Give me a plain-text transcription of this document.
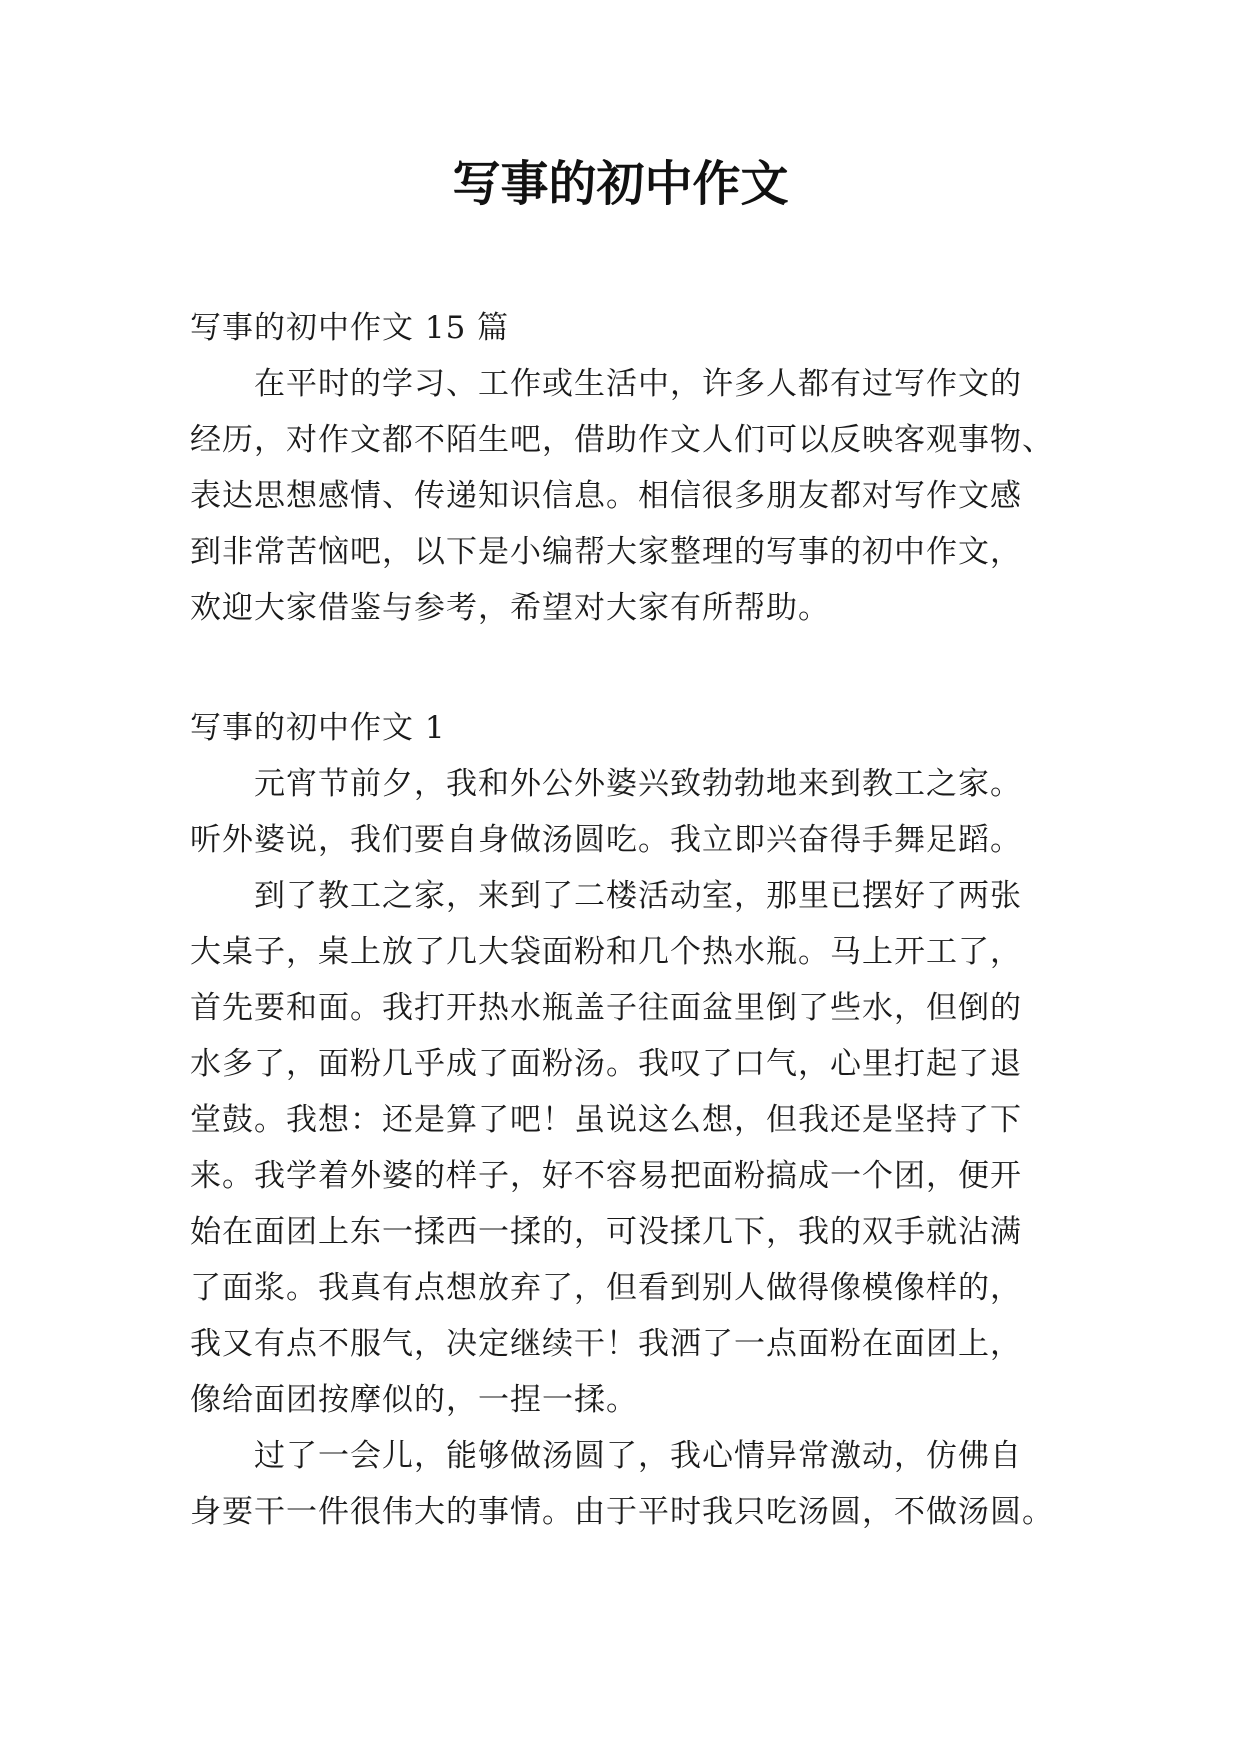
写事的初中作文

写事的初中作文 15 篇

在平时的学习、工作或生活中，许多人都有过写作文的

经历，对作文都不陌生吧，借助作文人们可以反映客观事物、

表达思想感情、传递知识信息。相信很多朋友都对写作文感

到非常苦恼吧，以下是小编帮大家整理的写事的初中作文，

欢迎大家借鉴与参考，希望对大家有所帮助。

写事的初中作文 1

元宵节前夕，我和外公外婆兴致勃勃地来到教工之家。

听外婆说，我们要自身做汤圆吃。我立即兴奋得手舞足蹈。

到了教工之家，来到了二楼活动室，那里已摆好了两张

大桌子，桌上放了几大袋面粉和几个热水瓶。马上开工了，

首先要和面。我打开热水瓶盖子往面盆里倒了些水，但倒的

水多了，面粉几乎成了面粉汤。我叹了口气，心里打起了退

堂鼓。我想：还是算了吧！虽说这么想，但我还是坚持了下

来。我学着外婆的样子，好不容易把面粉搞成一个团，便开

始在面团上东一揉西一揉的，可没揉几下，我的双手就沾满

了面浆。我真有点想放弃了，但看到别人做得像模像样的，

我又有点不服气，决定继续干！我洒了一点面粉在面团上，

像给面团按摩似的，一捏一揉。

过了一会儿，能够做汤圆了，我心情异常激动，仿佛自

身要干一件很伟大的事情。由于平时我只吃汤圆，不做汤圆。
